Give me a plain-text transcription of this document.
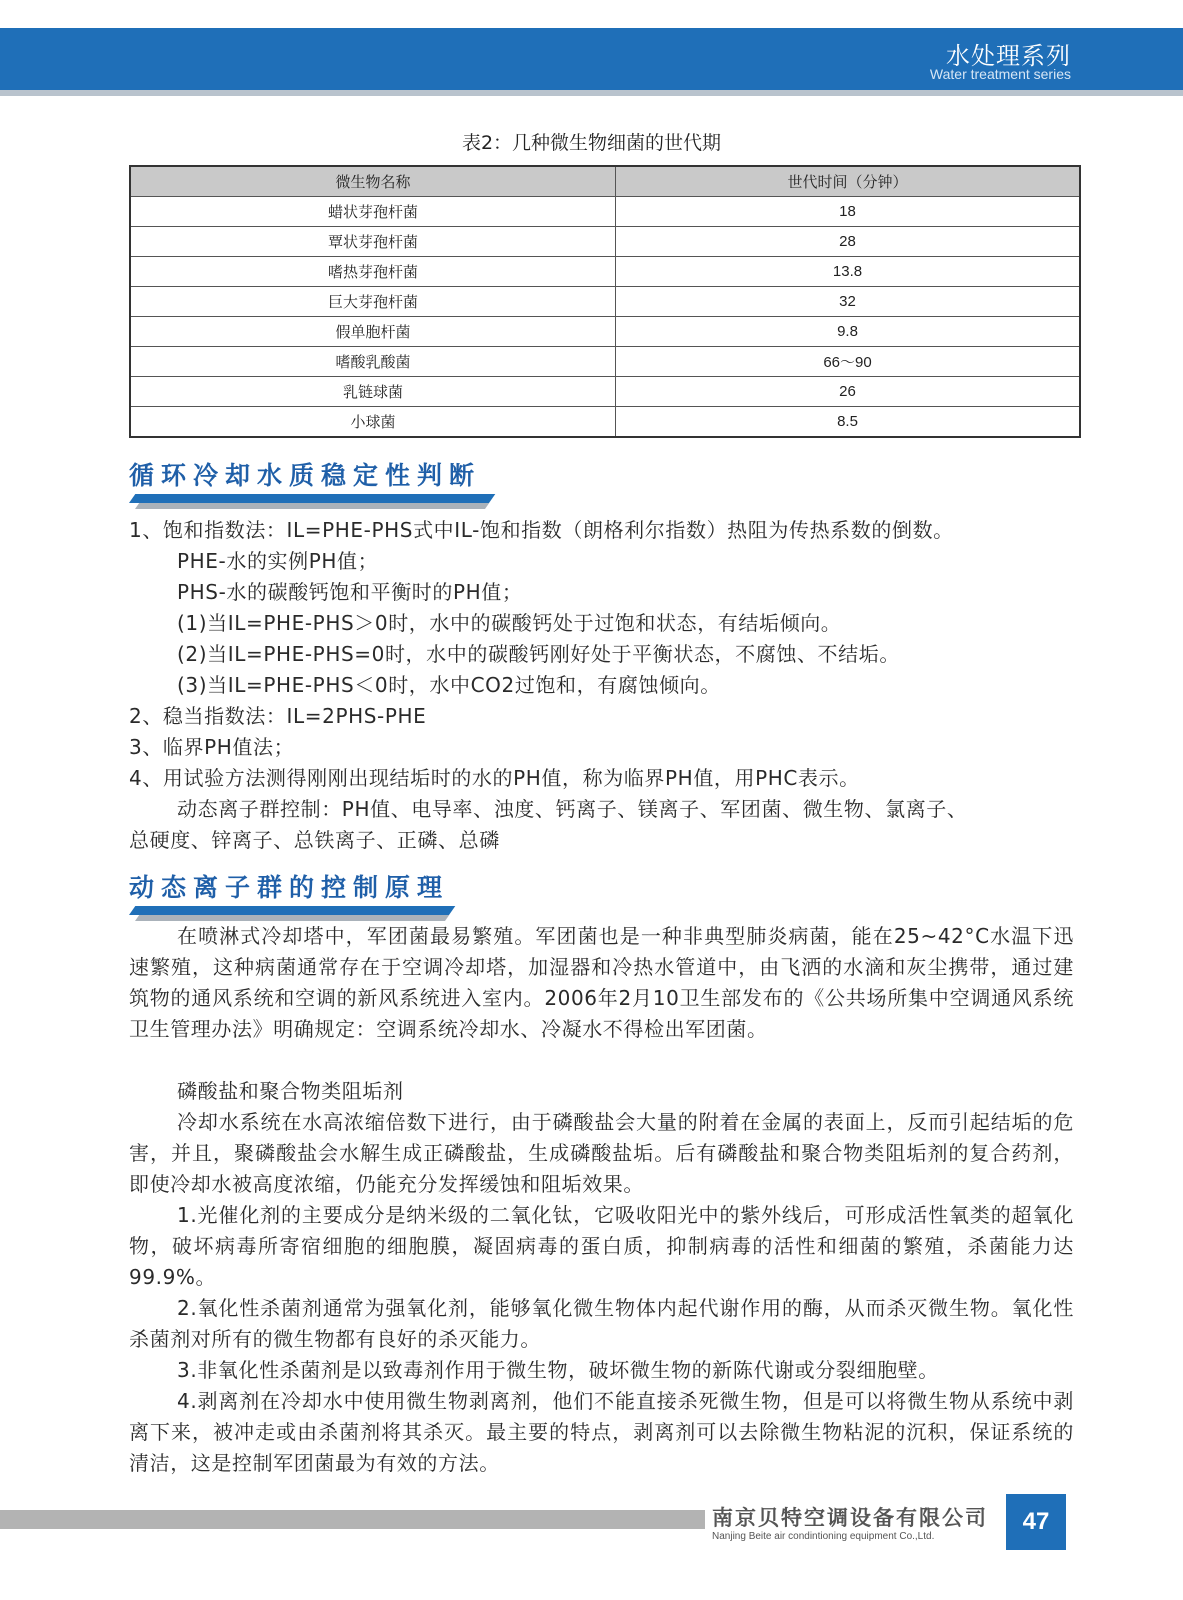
水处理系列
Water treatment series
表2：几种微生物细菌的世代期
微生物名称	世代时间（分钟）
蜡状芽孢杆菌	18
覃状芽孢杆菌	28
嗜热芽孢杆菌	13.8
巨大芽孢杆菌	32
假单胞杆菌	9.8
嗜酸乳酸菌	66～90
乳链球菌	26
小球菌	8.5
循环冷却水质稳定性判断
1、饱和指数法：IL=PHE-PHS式中IL-饱和指数（朗格利尔指数）热阻为传热系数的倒数。
PHE-水的实例PH值；
PHS-水的碳酸钙饱和平衡时的PH值；
(1)当IL=PHE-PHS＞0时，水中的碳酸钙处于过饱和状态，有结垢倾向。
(2)当IL=PHE-PHS=0时，水中的碳酸钙刚好处于平衡状态，不腐蚀、不结垢。
(3)当IL=PHE-PHS＜0时，水中CO2过饱和，有腐蚀倾向。
2、稳当指数法：IL=2PHS-PHE
3、临界PH值法；
4、用试验方法测得刚刚出现结垢时的水的PH值，称为临界PH值，用PHC表示。
动态离子群控制：PH值、电导率、浊度、钙离子、镁离子、军团菌、微生物、氯离子、
总硬度、锌离子、总铁离子、正磷、总磷
动态离子群的控制原理
在喷淋式冷却塔中，军团菌最易繁殖。军团菌也是一种非典型肺炎病菌，能在25~42°C水温下迅速繁殖，这种病菌通常存在于空调冷却塔，加湿器和冷热水管道中，由飞洒的水滴和灰尘携带，通过建筑物的通风系统和空调的新风系统进入室内。2006年2月10卫生部发布的《公共场所集中空调通风系统卫生管理办法》明确规定：空调系统冷却水、冷凝水不得检出军团菌。
磷酸盐和聚合物类阻垢剂
冷却水系统在水高浓缩倍数下进行，由于磷酸盐会大量的附着在金属的表面上，反而引起结垢的危害，并且，聚磷酸盐会水解生成正磷酸盐，生成磷酸盐垢。后有磷酸盐和聚合物类阻垢剂的复合药剂，即使冷却水被高度浓缩，仍能充分发挥缓蚀和阻垢效果。
1.光催化剂的主要成分是纳米级的二氧化钛，它吸收阳光中的紫外线后，可形成活性氧类的超氧化物，破坏病毒所寄宿细胞的细胞膜，凝固病毒的蛋白质，抑制病毒的活性和细菌的繁殖，杀菌能力达99.9%。
2.氧化性杀菌剂通常为强氧化剂，能够氧化微生物体内起代谢作用的酶，从而杀灭微生物。氧化性杀菌剂对所有的微生物都有良好的杀灭能力。
3.非氧化性杀菌剂是以致毒剂作用于微生物，破坏微生物的新陈代谢或分裂细胞壁。
4.剥离剂在冷却水中使用微生物剥离剂，他们不能直接杀死微生物，但是可以将微生物从系统中剥离下来，被冲走或由杀菌剂将其杀灭。最主要的特点，剥离剂可以去除微生物粘泥的沉积，保证系统的清洁，这是控制军团菌最为有效的方法。
南京贝特空调设备有限公司
Nanjing Beite air condintioning equipment Co.,Ltd.
47
